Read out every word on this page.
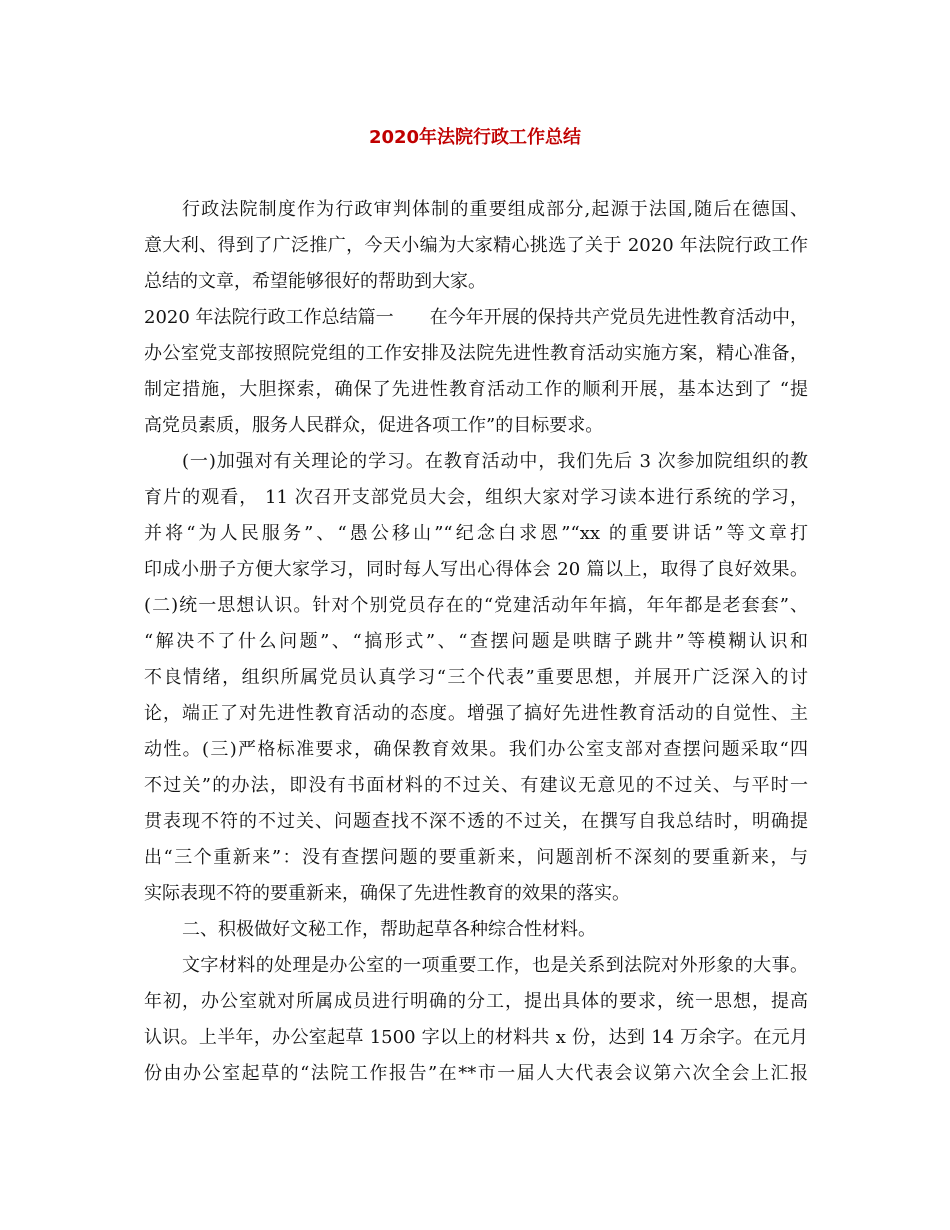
2020年法院行政工作总结
行政法院制度作为行政审判体制的重要组成部分,起源于法国,随后在德国、
意大利、得到了广泛推广，今天小编为大家精心挑选了关于 2020 年法院行政工作
总结的文章，希望能够很好的帮助到大家。
2020 年法院行政工作总结篇一　　在今年开展的保持共产党员先进性教育活动中，
办公室党支部按照院党组的工作安排及法院先进性教育活动实施方案，精心准备，
制定措施，大胆探索，确保了先进性教育活动工作的顺利开展，基本达到了 “提
高党员素质，服务人民群众，促进各项工作”的目标要求。
(一)加强对有关理论的学习。在教育活动中，我们先后 3 次参加院组织的教
育片的观看， 11 次召开支部党员大会，组织大家对学习读本进行系统的学习，
并将“为人民服务”、“愚公移山”“纪念白求恩”“xx 的重要讲话”等文章打
印成小册子方便大家学习，同时每人写出心得体会 20 篇以上，取得了良好效果。
(二)统一思想认识。针对个别党员存在的“党建活动年年搞，年年都是老套套”、
“解决不了什么问题”、“搞形式”、“查摆问题是哄瞎子跳井”等模糊认识和
不良情绪，组织所属党员认真学习“三个代表”重要思想，并展开广泛深入的讨
论，端正了对先进性教育活动的态度。增强了搞好先进性教育活动的自觉性、主
动性。(三)严格标准要求，确保教育效果。我们办公室支部对查摆问题采取“四
不过关”的办法，即没有书面材料的不过关、有建议无意见的不过关、与平时一
贯表现不符的不过关、问题查找不深不透的不过关，在撰写自我总结时，明确提
出“三个重新来”：没有查摆问题的要重新来，问题剖析不深刻的要重新来，与
实际表现不符的要重新来，确保了先进性教育的效果的落实。
二、积极做好文秘工作，帮助起草各种综合性材料。
文字材料的处理是办公室的一项重要工作，也是关系到法院对外形象的大事。
年初，办公室就对所属成员进行明确的分工，提出具体的要求，统一思想，提高
认识。上半年，办公室起草 1500 字以上的材料共 x 份，达到 14 万余字。在元月
份由办公室起草的“法院工作报告”在**市一届人大代表会议第六次全会上汇报
